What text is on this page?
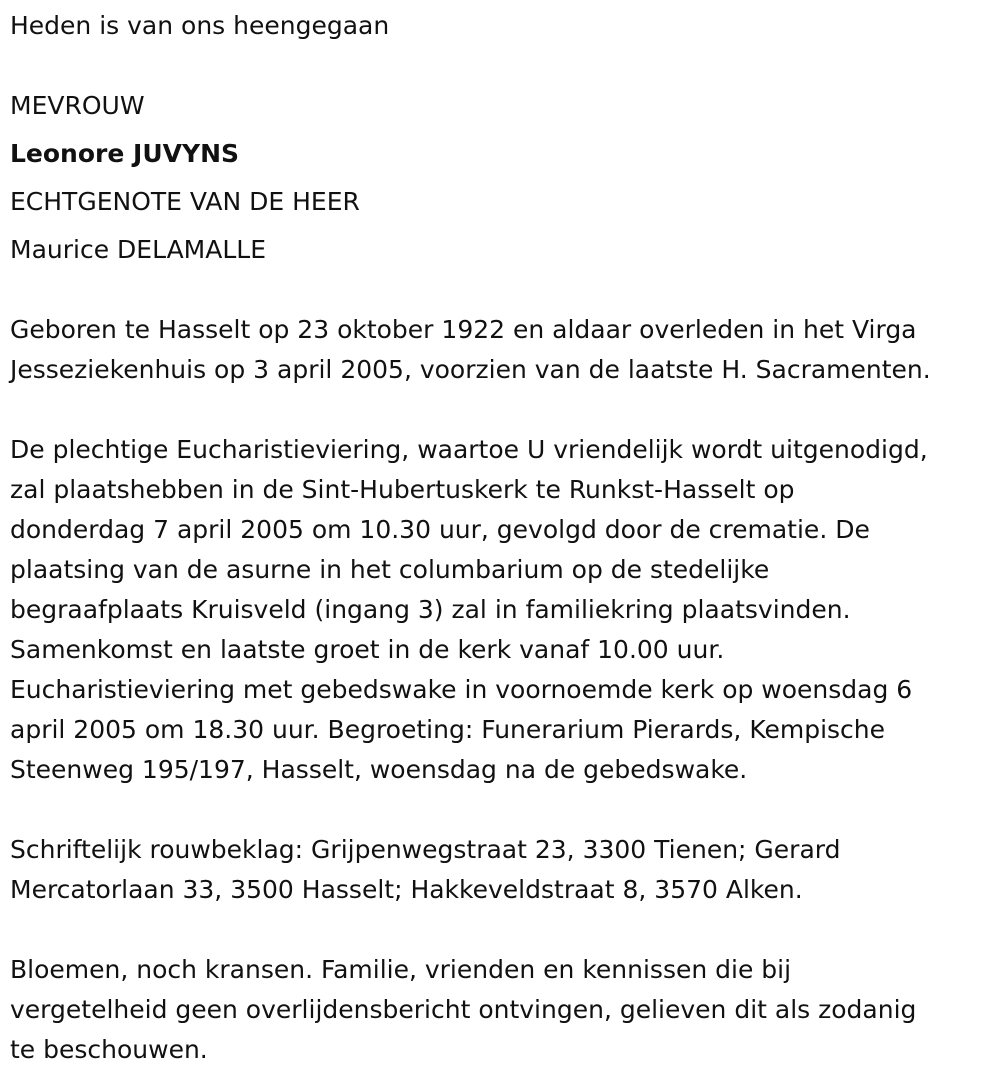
Heden is van ons heengegaan

MEVROUW

Leonore JUVYNS

ECHTGENOTE VAN DE HEER

Maurice DELAMALLE

Geboren te Hasselt op 23 oktober 1922 en aldaar overleden in het Virga

Jesseziekenhuis op 3 april 2005, voorzien van de laatste H. Sacramenten.

De plechtige Eucharistieviering, waartoe U vriendelijk wordt uitgenodigd,

zal plaatshebben in de Sint-Hubertuskerk te Runkst-Hasselt op

donderdag 7 april 2005 om 10.30 uur, gevolgd door de crematie. De

plaatsing van de asurne in het columbarium op de stedelijke

begraafplaats Kruisveld (ingang 3) zal in familiekring plaatsvinden.

Samenkomst en laatste groet in de kerk vanaf 10.00 uur.

Eucharistieviering met gebedswake in voornoemde kerk op woensdag 6

april 2005 om 18.30 uur. Begroeting: Funerarium Pierards, Kempische

Steenweg 195/197, Hasselt, woensdag na de gebedswake.

Schriftelijk rouwbeklag: Grijpenwegstraat 23, 3300 Tienen; Gerard

Mercatorlaan 33, 3500 Hasselt; Hakkeveldstraat 8, 3570 Alken.

Bloemen, noch kransen. Familie, vrienden en kennissen die bij

vergetelheid geen overlijdensbericht ontvingen, gelieven dit als zodanig

te beschouwen.
